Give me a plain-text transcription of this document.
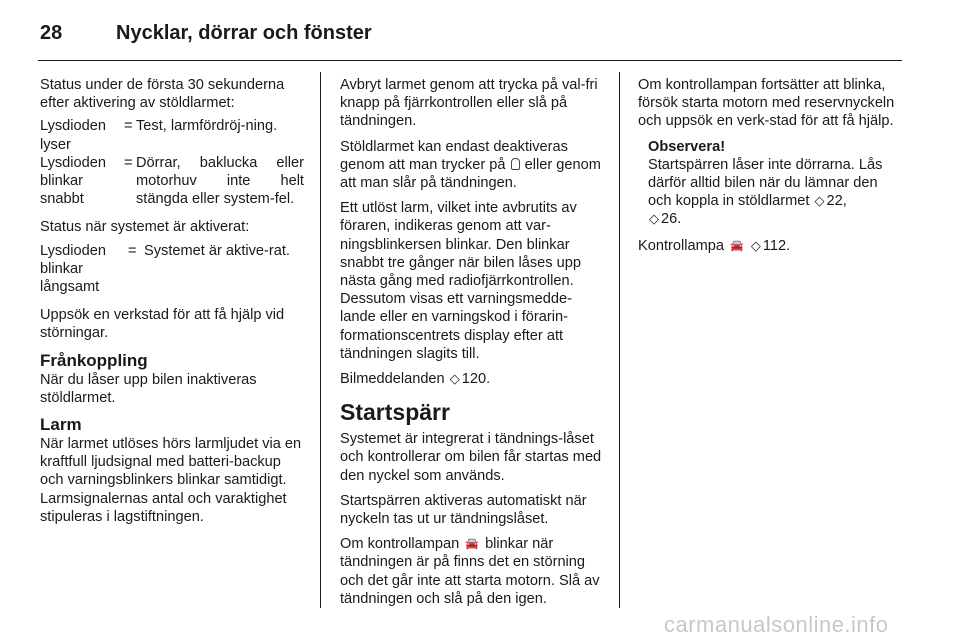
28	Nycklar, dörrar och fönster

Status under de första 30 sekunderna efter aktivering av stöldlarmet:

Lysdioden lyser
= Test, larmfördröj-ning.
Lysdioden blinkar snabbt
= Dörrar, baklucka eller motorhuv inte helt stängda eller system-fel.

Status när systemet är aktiverat:

Lysdioden blinkar långsamt
= Systemet är aktive-rat.

Uppsök en verkstad för att få hjälp vid störningar.

Frånkoppling

När du låser upp bilen inaktiveras stöldlarmet.

Larm

När larmet utlöses hörs larmljudet via en kraftfull ljudsignal med batteri-backup och varningsblinkers blinkar samtidigt. Larmsignalernas antal och varaktighet stipuleras i lagstiftningen.

Avbryt larmet genom att trycka på val-fri knapp på fjärrkontrollen eller slå på tändningen.

Stöldlarmet kan endast deaktiveras genom att man trycker på eller genom att man slår på tändningen.

Ett utlöst larm, vilket inte avbrutits av föraren, indikeras genom att var-ningsblinkersen blinkar. Den blinkar snabbt tre gånger när bilen låses upp nästa gång med radiofjärrkontrollen. Dessutom visas ett varningsmedde-lande eller en varningskod i förarin-formationscentrets display efter att tändningen slagits till.

Bilmeddelanden ◇ 120.

Startspärr

Systemet är integrerat i tändnings-låset och kontrollerar om bilen får startas med den nyckel som används.

Startspärren aktiveras automatiskt när nyckeln tas ut ur tändningslåset.

Om kontrollampan 🚘 blinkar när tändningen är på finns det en störning och det går inte att starta motorn. Slå av tändningen och slå på den igen.

Om kontrollampan fortsätter att blinka, försök starta motorn med reservnyckeln och uppsök en verk-stad för att få hjälp.

Observera!
Startspärren låser inte dörrarna. Lås därför alltid bilen när du lämnar den och koppla in stöldlarmet ◇ 22,
◇ 26.

Kontrollampa 🚘 ◇ 112.

carmanualsonline.info
